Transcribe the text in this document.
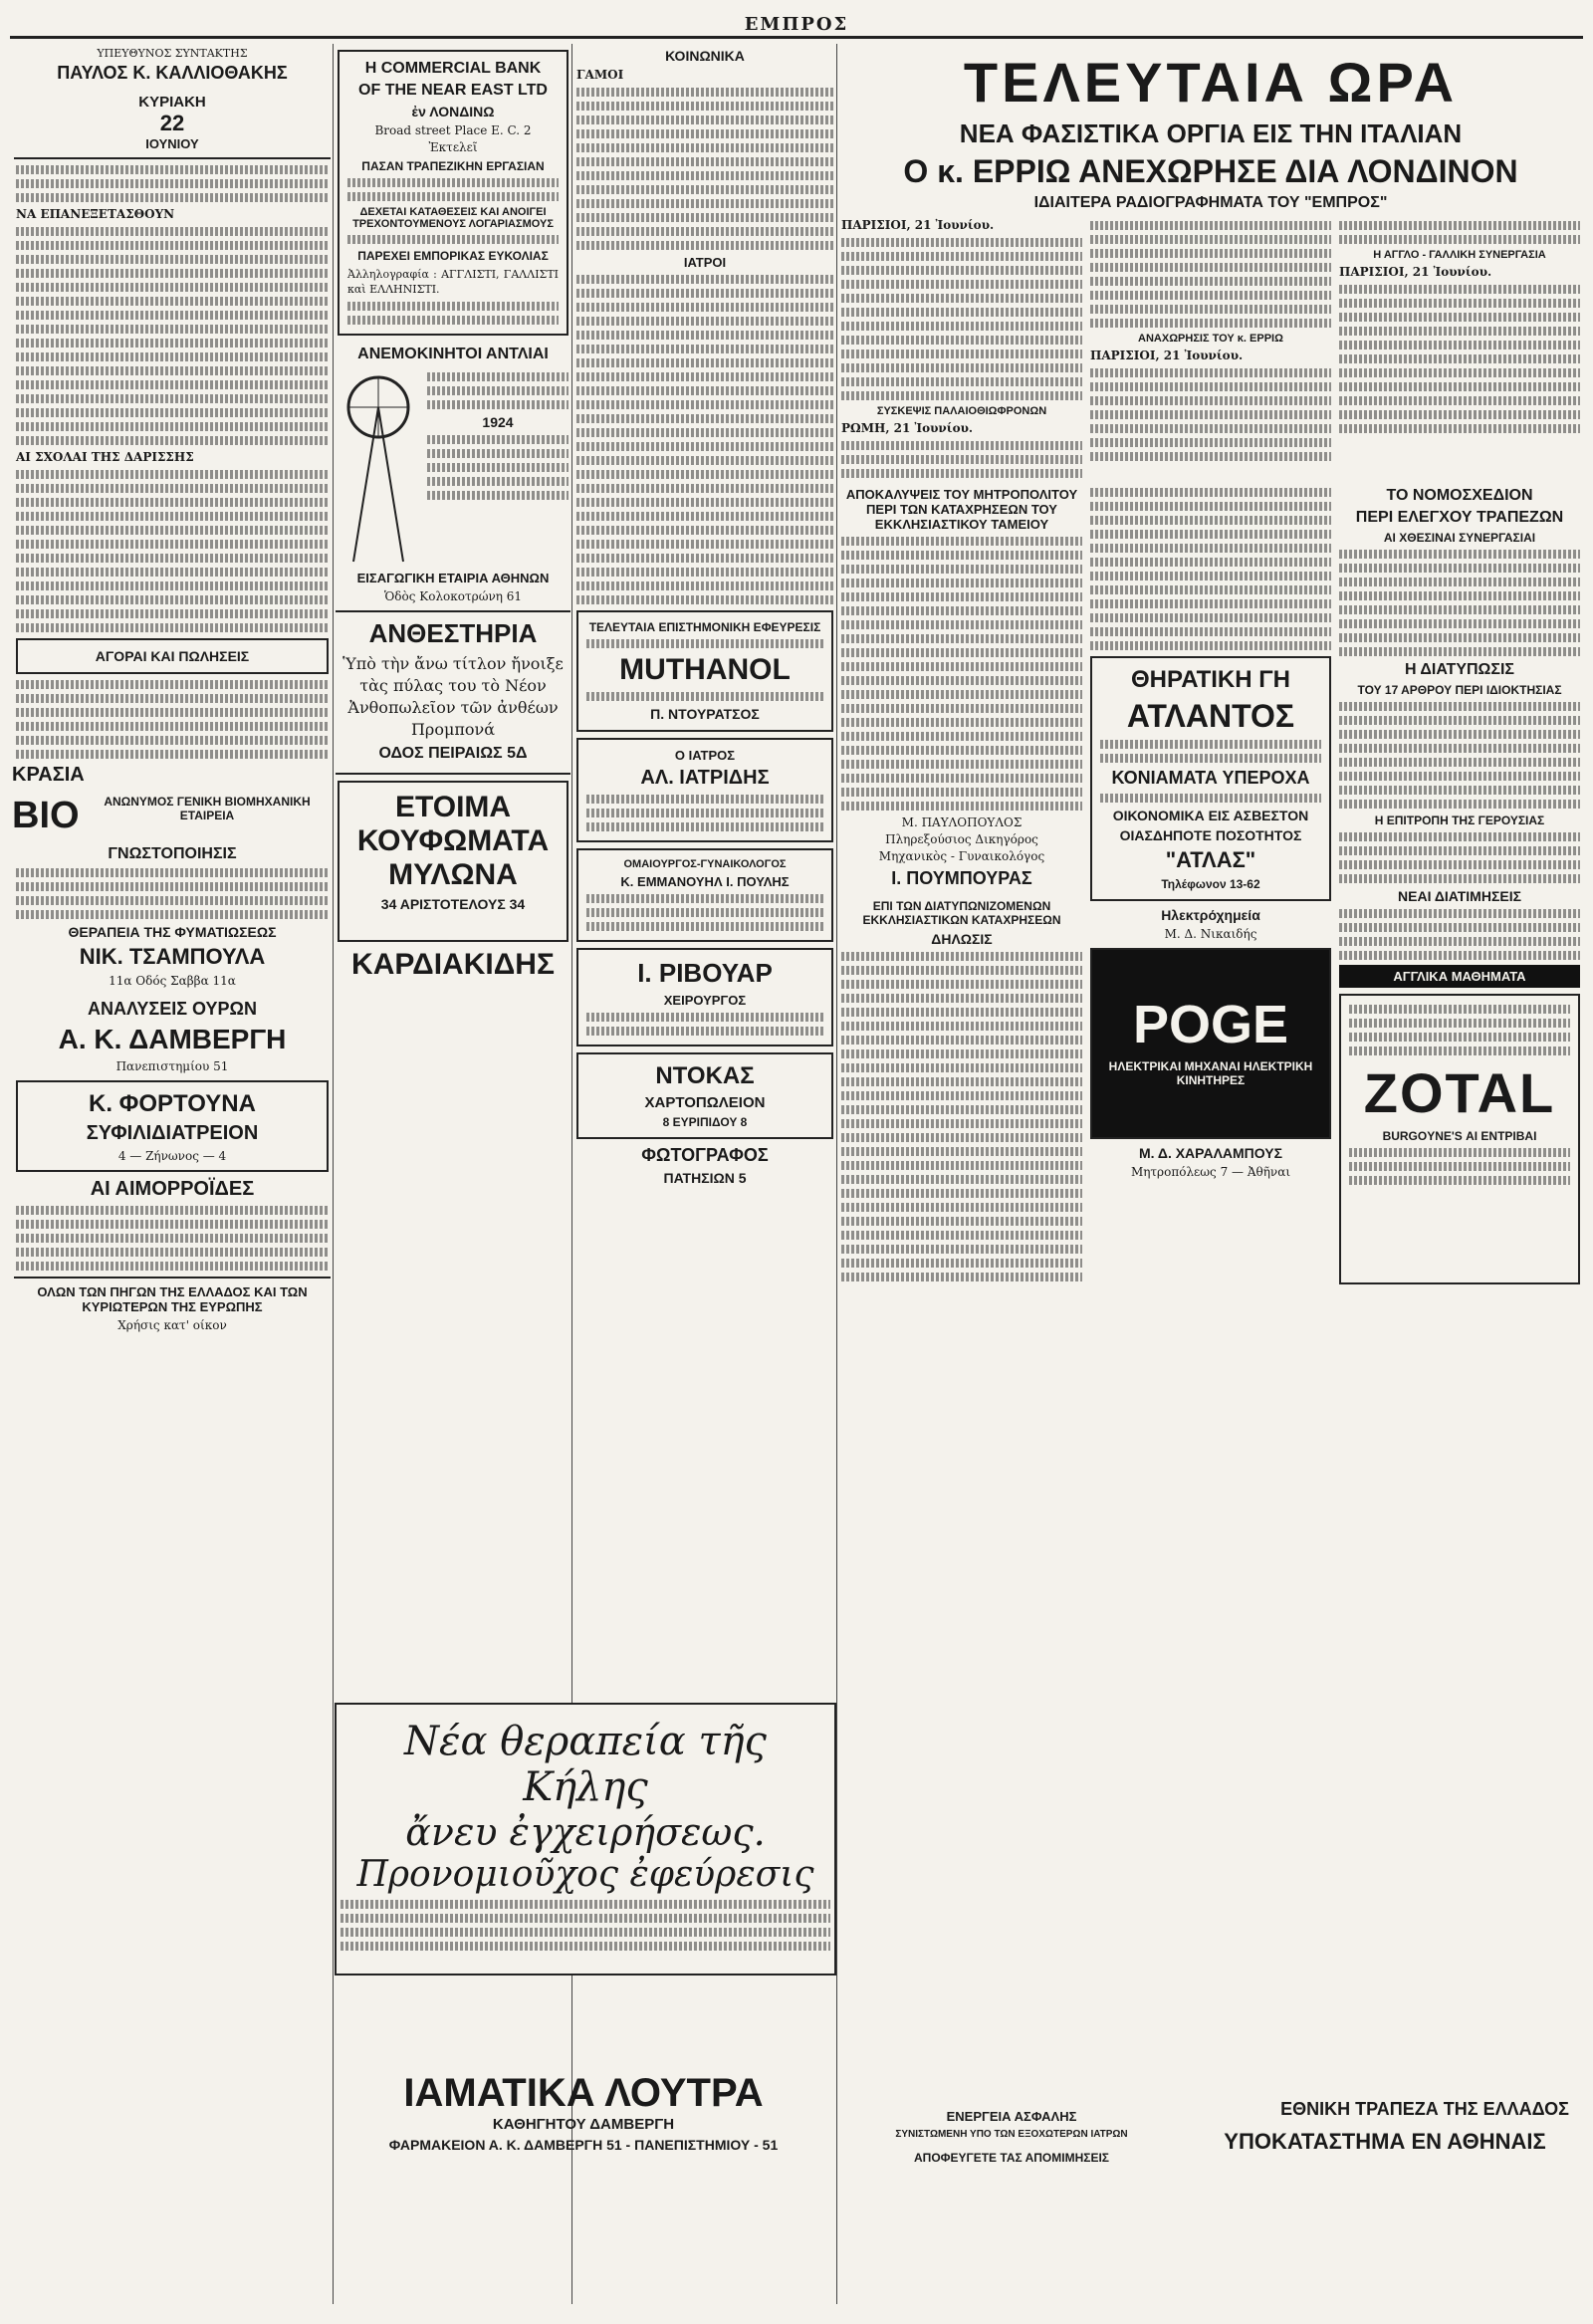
ΕΜΠΡΟΣ
ΥΠΕΥΘΥΝΟΣ ΣΥΝΤΑΚΤΗΣ
ΠΑΥΛΟΣ Κ. ΚΑΛΛΙΟΘΑΚΗΣ
ΚΥΡΙΑΚΗ
22
ΙΟΥΝΙΟΥ
ΝΑ ΕΠΑΝΕΞΕΤΑΣΘΟΥΝ
ΑΙ ΣΧΟΛΑΙ ΤΗΣ ΔΑΡΙΣΣΗΣ
ΑΓΟΡΑΙ ΚΑΙ ΠΩΛΗΣΕΙΣ
ΚΡΑΣΙΑ
ΒΙΟ	ΑΝΩΝΥΜΟΣ ΓΕΝΙΚΗ ΒΙΟΜΗΧΑΝΙΚΗ ΕΤΑΙΡΕΙΑ
ΓΝΩΣΤΟΠΟΙΗΣΙΣ
ΘΕΡΑΠΕΙΑ ΤΗΣ ΦΥΜΑΤΙΩΣΕΩΣ
ΝΙΚ. ΤΣΑΜΠΟΥΛΑ
11α Οδός Σαββα 11α
ΑΝΑΛΥΣΕΙΣ ΟΥΡΩΝ
Α. Κ. ΔΑΜΒΕΡΓΗ
Πανεπιστημίου 51
Κ. ΦΟΡΤΟΥΝΑ
ΣΥΦΙΛΙΔΙΑΤΡΕΙΟΝ
4 — Ζήνωνος — 4
ΑΙ ΑΙΜΟΡΡΟΪΔΕΣ
ΟΛΩΝ ΤΩΝ ΠΗΓΩΝ ΤΗΣ ΕΛΛΑΔΟΣ ΚΑΙ ΤΩΝ ΚΥΡΙΩΤΕΡΩΝ ΤΗΣ ΕΥΡΩΠΗΣ
Χρήσις κατ' οίκον
Η COMMERCIAL BANK
OF THE NEAR EAST LTD
ἐν ΛΟΝΔΙΝΩ
Broad street Place E. C. 2
Ἐκτελεῖ
ΠΑΣΑΝ ΤΡΑΠΕΖΙΚΗΝ ΕΡΓΑΣΙΑΝ
ΔΕΧΕΤΑΙ ΚΑΤΑΘΕΣΕΙΣ ΚΑΙ ΑΝΟΙΓΕΙ ΤΡΕΧΟΝΤΟΥΜΕΝΟΥΣ ΛΟΓΑΡΙΑΣΜΟΥΣ
ΠΑΡΕΧΕΙ ΕΜΠΟΡΙΚΑΣ ΕΥΚΟΛΙΑΣ
Ἀλληλογραφία : ΑΓΓΛΙΣΤΙ, ΓΑΛΛΙΣΤΙ καὶ ΕΛΛΗΝΙΣΤΙ.
ΑΝΕΜΟΚΙΝΗΤΟΙ ΑΝΤΛΙΑΙ
1924
ΕΙΣΑΓΩΓΙΚΗ ΕΤΑΙΡΙΑ ΑΘΗΝΩΝ
Ὁδὸς Κολοκοτρώνη 61
ΑΝΘΕΣΤΗΡΙΑ
Ὑπὸ τὴν ἄνω τίτλον ἤνοιξε τὰς πύλας του τὸ Νέον Ἀνθοπωλεῖον τῶν ἀνθέων Προμπονά
ΟΔΟΣ ΠΕΙΡΑΙΩΣ 5Δ
ΕΤΟΙΜΑ ΚΟΥΦΩΜΑΤΑ ΜΥΛΩΝΑ
34 ΑΡΙΣΤΟΤΕΛΟΥΣ 34
ΚΑΡΔΙΑΚΙΔΗΣ
ΚΟΙΝΩΝΙΚΑ
ΓΑΜΟΙ
ΙΑΤΡΟΙ
ΤΕΛΕΥΤΑΙΑ ΕΠΙΣΤΗΜΟΝΙΚΗ ΕΦΕΥΡΕΣΙΣ
MUTHANOL
Π. ΝΤΟΥΡΑΤΣΟΣ
Ο ΙΑΤΡΟΣ
ΑΛ. ΙΑΤΡΙΔΗΣ
ΟΜΑΙΟΥΡΓΟΣ-ΓΥΝΑΙΚΟΛΟΓΟΣ
Κ. ΕΜΜΑΝΟΥΗΛ Ι. ΠΟΥΛΗΣ
Ι. ΡΙΒΟΥΑΡ
ΧΕΙΡΟΥΡΓΟΣ
ΝΤΟΚΑΣ
ΧΑΡΤΟΠΩΛΕΙΟΝ
8 ΕΥΡΙΠΙΔΟΥ 8
ΦΩΤΟΓΡΑΦΟΣ
ΠΑΤΗΣΙΩΝ 5
Νέα θεραπεία τῆς Κήλης
ἄνευ ἐγχειρήσεως.
Προνομιοῦχος ἐφεύρεσις
ΤΕΛΕΥΤΑΙΑ ΩΡΑ
ΝΕΑ ΦΑΣΙΣΤΙΚΑ ΟΡΓΙΑ ΕΙΣ ΤΗΝ ΙΤΑΛΙΑΝ
Ο κ. ΕΡΡΙΩ ΑΝΕΧΩΡΗΣΕ ΔΙΑ ΛΟΝΔΙΝΟΝ
ΙΔΙΑΙΤΕΡΑ ΡΑΔΙΟΓΡΑΦΗΜΑΤΑ ΤΟΥ "ΕΜΠΡΟΣ"
ΠΑΡΙΣΙΟΙ, 21 Ἰουνίου.
ΣΥΣΚΕΨΙΣ ΠΑΛΑΙΟΘΙΩΦΡΟΝΩΝ
ΡΩΜΗ, 21 Ἰουνίου.
ΑΝΑΧΩΡΗΣΙΣ ΤΟΥ κ. ΕΡΡΙΩ
ΠΑΡΙΣΙΟΙ, 21 Ἰουνίου.
Η ΑΓΓΛΟ - ΓΑΛΛΙΚΗ ΣΥΝΕΡΓΑΣΙΑ
ΠΑΡΙΣΙΟΙ, 21 Ἰουνίου.
ΑΠΟΚΑΛΥΨΕΙΣ ΤΟΥ ΜΗΤΡΟΠΟΛΙΤΟΥ ΠΕΡΙ ΤΩΝ ΚΑΤΑΧΡΗΣΕΩΝ ΤΟΥ ΕΚΚΛΗΣΙΑΣΤΙΚΟΥ ΤΑΜΕΙΟΥ
Μ. ΠΑΥΛΟΠΟΥΛΟΣ
Πληρεξούσιος Δικηγόρος
Μηχανικὸς - Γυναικολόγος
Ι. ΠΟΥΜΠΟΥΡΑΣ
ΕΠΙ ΤΩΝ ΔΙΑΤΥΠΩΝΙΖΟΜΕΝΩΝ ΕΚΚΛΗΣΙΑΣΤΙΚΩΝ ΚΑΤΑΧΡΗΣΕΩΝ
ΔΗΛΩΣΙΣ
ΘΗΡΑΤΙΚΗ ΓΗ
ΑΤΛΑΝΤΟΣ
ΚΟΝΙΑΜΑΤΑ ΥΠΕΡΟΧΑ
ΟΙΚΟΝΟΜΙΚΑ ΕΙΣ ΑΣΒΕΣΤΟΝ
ΟΙΑΣΔΗΠΟΤΕ ΠΟΣΟΤΗΤΟΣ
"ΑΤΛΑΣ"
Τηλέφωνον 13-62
Ηλεκτρόχημεία
Μ. Δ. Νικαιδής
POGE
ΗΛΕΚΤΡΙΚΑΙ ΜΗΧΑΝΑΙ ΗΛΕΚΤΡΙΚΗ ΚΙΝΗΤΗΡΕΣ
Μ. Δ. ΧΑΡΑΛΑΜΠΟΥΣ
Μητροπόλεως 7 — Ἀθῆναι
ΤΟ ΝΟΜΟΣΧΕΔΙΟΝ
ΠΕΡΙ ΕΛΕΓΧΟΥ ΤΡΑΠΕΖΩΝ
ΑΙ ΧΘΕΣΙΝΑΙ ΣΥΝΕΡΓΑΣΙΑΙ
Η ΔΙΑΤΥΠΩΣΙΣ
ΤΟΥ 17 ΑΡΘΡΟΥ ΠΕΡΙ ΙΔΙΟΚΤΗΣΙΑΣ
Η ΕΠΙΤΡΟΠΗ ΤΗΣ ΓΕΡΟΥΣΙΑΣ
ΝΕΑΙ ΔΙΑΤΙΜΗΣΕΙΣ
ΑΓΓΛΙΚΑ ΜΑΘΗΜΑΤΑ
ZOTAL
BURGOYNE'S ΑΙ ΕΝΤΡΙΒΑΙ
ΕΘΝΙΚΗ ΤΡΑΠΕΖΑ ΤΗΣ ΕΛΛΑΔΟΣ
ΥΠΟΚΑΤΑΣΤΗΜΑ ΕΝ ΑΘΗΝΑΙΣ
ΕΝΕΡΓΕΙΑ ΑΣΦΑΛΗΣ
ΣΥΝΙΣΤΩΜΕΝΗ ΥΠΟ ΤΩΝ ΕΞΟΧΩΤΕΡΩΝ ΙΑΤΡΩΝ
ΑΠΟΦΕΥΓΕΤΕ ΤΑΣ ΑΠΟΜΙΜΗΣΕΙΣ
ΙΑΜΑΤΙΚΑ ΛΟΥΤΡΑ
ΚΑΘΗΓΗΤΟΥ ΔΑΜΒΕΡΓΗ
ΦΑΡΜΑΚΕΙΟΝ Α. Κ. ΔΑΜΒΕΡΓΗ 51 - ΠΑΝΕΠΙΣΤΗΜΙΟΥ - 51
